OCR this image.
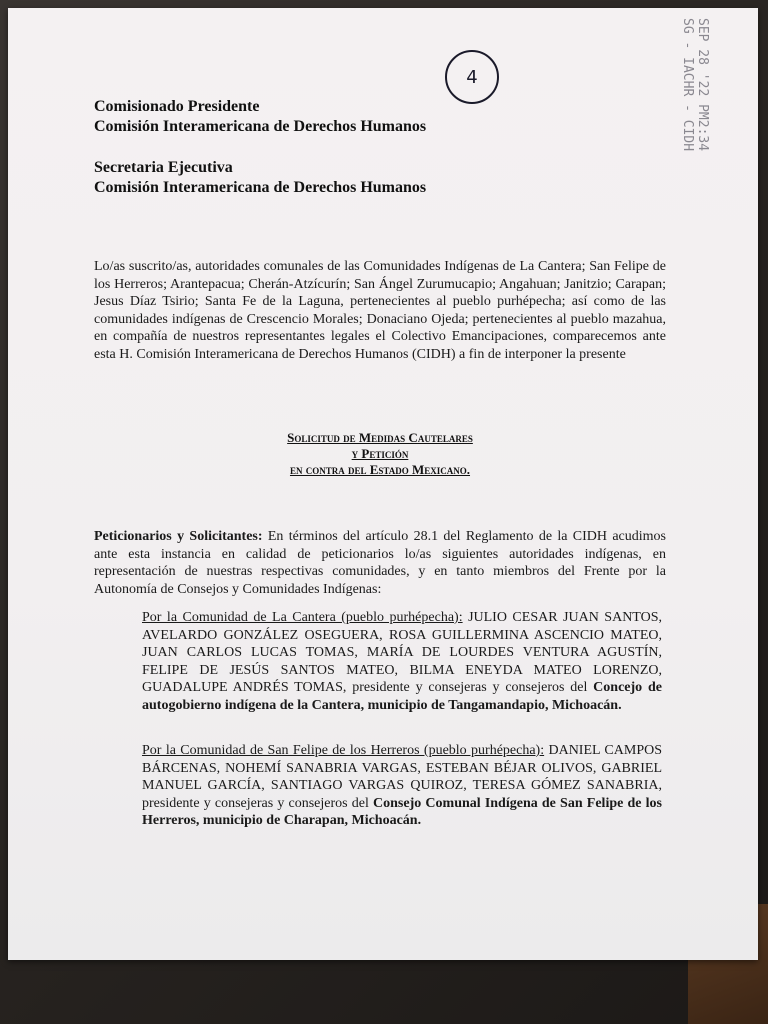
SEP 28 '22 PM2:34
SG - IACHR - CIDH
4
Comisionado Presidente
Comisión Interamericana de Derechos Humanos
Secretaria Ejecutiva
Comisión Interamericana de Derechos Humanos
Lo/as suscrito/as, autoridades comunales de las Comunidades Indígenas de La Cantera; San Felipe de los Herreros; Arantepacua; Cherán-Atzícurín; San Ángel Zurumucapio; Angahuan; Janitzio; Carapan; Jesus Díaz Tsirio; Santa Fe de la Laguna, pertenecientes al pueblo purhépecha; así como de las comunidades indígenas de Crescencio Morales; Donaciano Ojeda; pertenecientes al pueblo mazahua, en compañía de nuestros representantes legales el Colectivo Emancipaciones, comparecemos ante esta H. Comisión Interamericana de Derechos Humanos (CIDH) a fin de interponer la presente
Solicitud de Medidas Cautelares
y Petición
en contra del Estado Mexicano.
Peticionarios y Solicitantes: En términos del artículo 28.1 del Reglamento de la CIDH acudimos ante esta instancia en calidad de peticionarios lo/as siguientes autoridades indígenas, en representación de nuestras respectivas comunidades, y en tanto miembros del Frente por la Autonomía de Consejos y Comunidades Indígenas:
Por la Comunidad de La Cantera (pueblo purhépecha): JULIO CESAR JUAN SANTOS, AVELARDO GONZÁLEZ OSEGUERA, ROSA GUILLERMINA ASCENCIO MATEO, JUAN CARLOS LUCAS TOMAS, MARÍA DE LOURDES VENTURA AGUSTÍN, FELIPE DE JESÚS SANTOS MATEO, BILMA ENEYDA MATEO LORENZO, GUADALUPE ANDRÉS TOMAS, presidente y consejeras y consejeros del Concejo de autogobierno indígena de la Cantera, municipio de Tangamandapio, Michoacán.
Por la Comunidad de San Felipe de los Herreros (pueblo purhépecha): DANIEL CAMPOS BÁRCENAS, NOHEMÍ SANABRIA VARGAS, ESTEBAN BÉJAR OLIVOS, GABRIEL MANUEL GARCÍA, SANTIAGO VARGAS QUIROZ, TERESA GÓMEZ SANABRIA, presidente y consejeras y consejeros del Consejo Comunal Indígena de San Felipe de los Herreros, municipio de Charapan, Michoacán.
